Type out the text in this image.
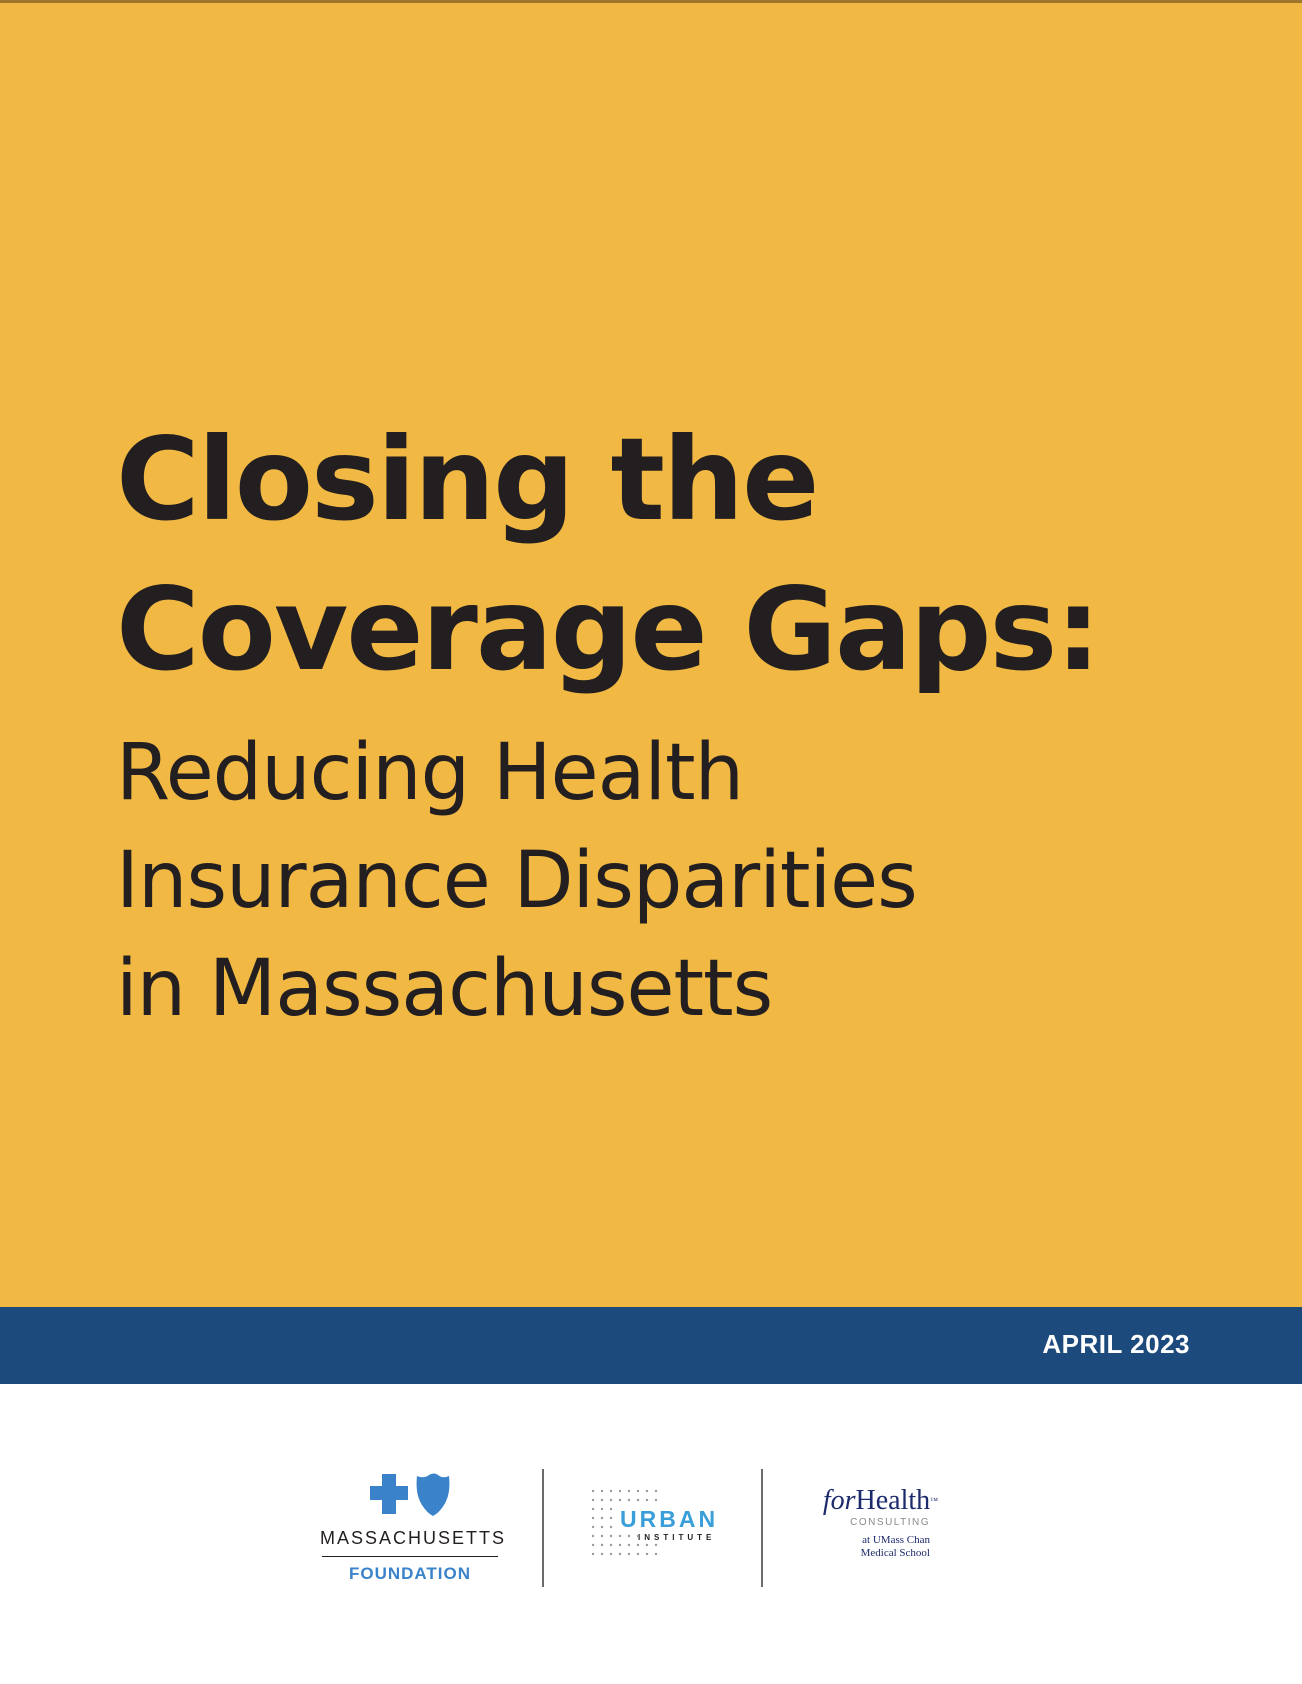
Closing the
Coverage Gaps:
Reducing Health
Insurance Disparities
in Massachusetts
APRIL 2023
MASSACHUSETTS
FOUNDATION
URBAN
INSTITUTE
forHealth™
CONSULTING
at UMass Chan
Medical School
